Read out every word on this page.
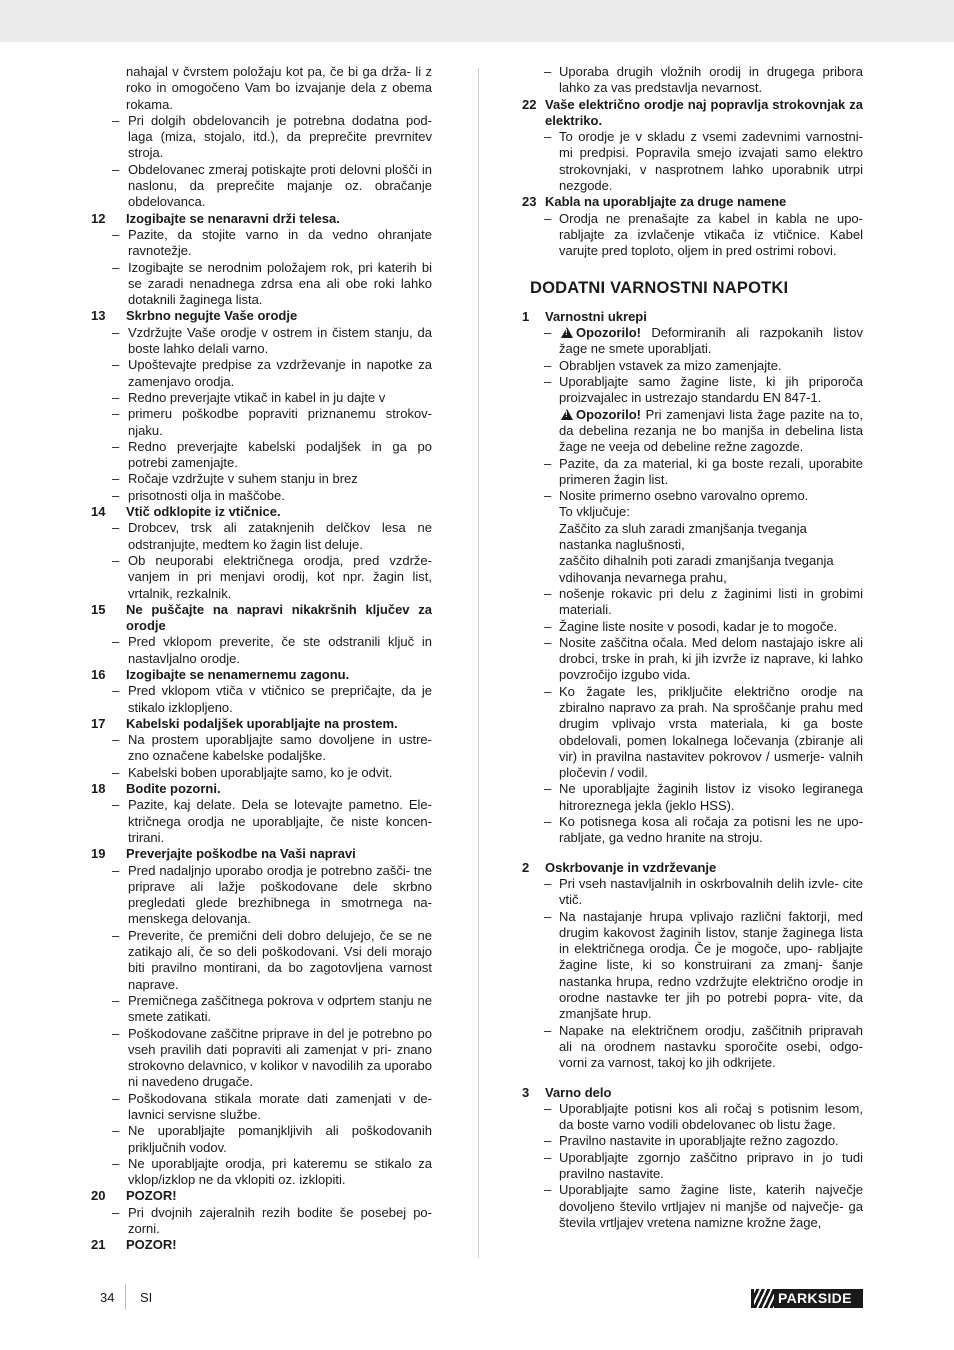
nahajal v čvrstem položaju kot pa, če bi ga drža- li z roko in omogočeno Vam bo izvajanje dela z obema rokama.
– Pri dolgih obdelovancih je potrebna dodatna pod- laga (miza, stojalo, itd.), da preprečite prevrnitev stroja.
– Obdelovanec zmeraj potiskajte proti delovni plošči in naslonu, da preprečite majanje oz. obračanje obdelovanca.
12 Izogibajte se nenaravni drži telesa.
– Pazite, da stojite varno in da vedno ohranjate ravnotežje.
– Izogibajte se nerodnim položajem rok, pri katerih bi se zaradi nenadnega zdrsa ena ali obe roki lahko dotaknili žaginega lista.
13 Skrbno negujte Vaše orodje
– Vzdržujte Vaše orodje v ostrem in čistem stanju, da boste lahko delali varno.
– Upoštevajte predpise za vzdrževanje in napotke za zamenjavo orodja.
– Redno preverjajte vtikač in kabel in ju dajte v
– primeru poškodbe popraviti priznanemu strokov- njaku.
– Redno preverjajte kabelski podaljšek in ga po potrebi zamenjajte.
– Ročaje vzdržujte v suhem stanju in brez
– prisotnosti olja in maščobe.
14 Vtič odklopite iz vtičnice.
– Drobcev, trsk ali zataknjenih delčkov lesa ne odstranjujte, medtem ko žagin list deluje.
– Ob neuporabi električnega orodja, pred vzdrže- vanjem in pri menjavi orodij, kot npr. žagin list, vrtalnik, rezkalnik.
15 Ne puščajte na napravi nikakršnih ključev za orodje
– Pred vklopom preverite, če ste odstranili ključ in nastavljalno orodje.
16 Izogibajte se nenamernemu zagonu.
– Pred vklopom vtiča v vtičnico se prepričajte, da je stikalo izklopljeno.
17 Kabelski podaljšek uporabljajte na prostem.
– Na prostem uporabljajte samo dovoljene in ustre- zno označene kabelske podaljške.
– Kabelski boben uporabljajte samo, ko je odvit.
18 Bodite pozorni.
– Pazite, kaj delate. Dela se lotevajte pametno. Ele- ktričnega orodja ne uporabljajte, če niste koncen- trirani.
19 Preverjajte poškodbe na Vaši napravi
– Pred nadaljnjo uporabo orodja je potrebno zašči- tne priprave ali lažje poškodovane dele skrbno pregledati glede brezhibnega in smotrnega na- menskega delovanja.
– Preverite, če premični deli dobro delujejo, če se ne zatikajo ali, če so deli poškodovani. Vsi deli morajo biti pravilno montirani, da bo zagotovljena varnost naprave.
– Premičnega zaščitnega pokrova v odprtem stanju ne smete zatikati.
– Poškodovane zaščitne priprave in del je potrebno po vseh pravilih dati popraviti ali zamenjat v pri- znano strokovno delavnico, v kolikor v navodilih za uporabo ni navedeno drugače.
– Poškodovana stikala morate dati zamenjati v de- lavnici servisne službe.
– Ne uporabljajte pomanjkljivih ali poškodovanih priključnih vodov.
– Ne uporabljajte orodja, pri kateremu se stikalo za vklop/izklop ne da vklopiti oz. izklopiti.
20 POZOR!
– Pri dvojnih zajeralnih rezih bodite še posebej po- zorni.
21 POZOR!
– Uporaba drugih vložnih orodij in drugega pribora lahko za vas predstavlja nevarnost.
22 Vaše električno orodje naj popravlja strokovnjak za elektriko.
– To orodje je v skladu z vsemi zadevnimi varnostni- mi predpisi. Popravila smejo izvajati samo elektro strokovnjaki, v nasprotnem lahko uporabnik utrpi nezgode.
23 Kabla na uporabljajte za druge namene
– Orodja ne prenašajte za kabel in kabla ne upo- rabljajte za izvlačenje vtikača iz vtičnice. Kabel varujte pred toploto, oljem in pred ostrimi robovi.
DODATNI VARNOSTNI NAPOTKI
1 Varnostni ukrepi
–
!	Opozorilo! Deformiranih ali razpokanih listov žage ne smete uporabljati.
– Obrabljen vstavek za mizo zamenjajte.
– Uporabljajte samo žagine liste, ki jih priporoča proizvajalec in ustrezajo standardu EN 847-1.
!Opozorilo! Pri zamenjavi lista žage pazite na to, da debelina rezanja ne bo manjša in debelina lista žage ne veeja od debeline režne zagozde.
– Pazite, da za material, ki ga boste rezali, uporabite primeren žagin list.
– Nosite primerno osebno varovalno opremo.
To vključuje:
Zaščito za sluh zaradi zmanjšanja tveganja nastanka naglušnosti,
zaščito dihalnih poti zaradi zmanjšanja tveganja vdihovanja nevarnega prahu,
– nošenje rokavic pri delu z žaginimi listi in grobimi materiali.
– Žagine liste nosite v posodi, kadar je to mogoče.
– Nosite zaščitna očala. Med delom nastajajo iskre ali drobci, trske in prah, ki jih izvrže iz naprave, ki lahko povzročijo izgubo vida.
– Ko žagate les, priključite električno orodje na zbiralno napravo za prah. Na sproščanje prahu med drugim vplivajo vrsta materiala, ki ga boste obdelovali, pomen lokalnega ločevanja (zbiranje ali vir) in pravilna nastavitev pokrovov / usmerje- valnih pločevin / vodil.
– Ne uporabljajte žaginih listov iz visoko legiranega hitroreznega jekla (jeklo HSS).
– Ko potisnega kosa ali ročaja za potisni les ne upo- rabljate, ga vedno hranite na stroju.
2 Oskrbovanje in vzdrževanje
– Pri vseh nastavljalnih in oskrbovalnih delih izvle- cite vtič.
– Na nastajanje hrupa vplivajo različni faktorji, med drugim kakovost žaginih listov, stanje žaginega lista in električnega orodja. Če je mogoče, upo- rabljajte žagine liste, ki so konstruirani za zmanj- šanje nastanka hrupa, redno vzdržujte električno orodje in orodne nastavke ter jih po potrebi popra- vite, da zmanjšate hrup.
– Napake na električnem orodju, zaščitnih pripravah ali na orodnem nastavku sporočite osebi, odgo- vorni za varnost, takoj ko jih odkrijete.
3 Varno delo
– Uporabljajte potisni kos ali ročaj s potisnim lesom, da boste varno vodili obdelovanec ob listu žage.
– Pravilno nastavite in uporabljajte režno zagozdo.
– Uporabljajte zgornjo zaščitno pripravo in jo tudi pravilno nastavite.
– Uporabljajte samo žagine liste, katerih največje dovoljeno število vrtljajev ni manjše od največje- ga števila vrtljajev vretena namizne krožne žage,
34 SI	PARKSIDE
